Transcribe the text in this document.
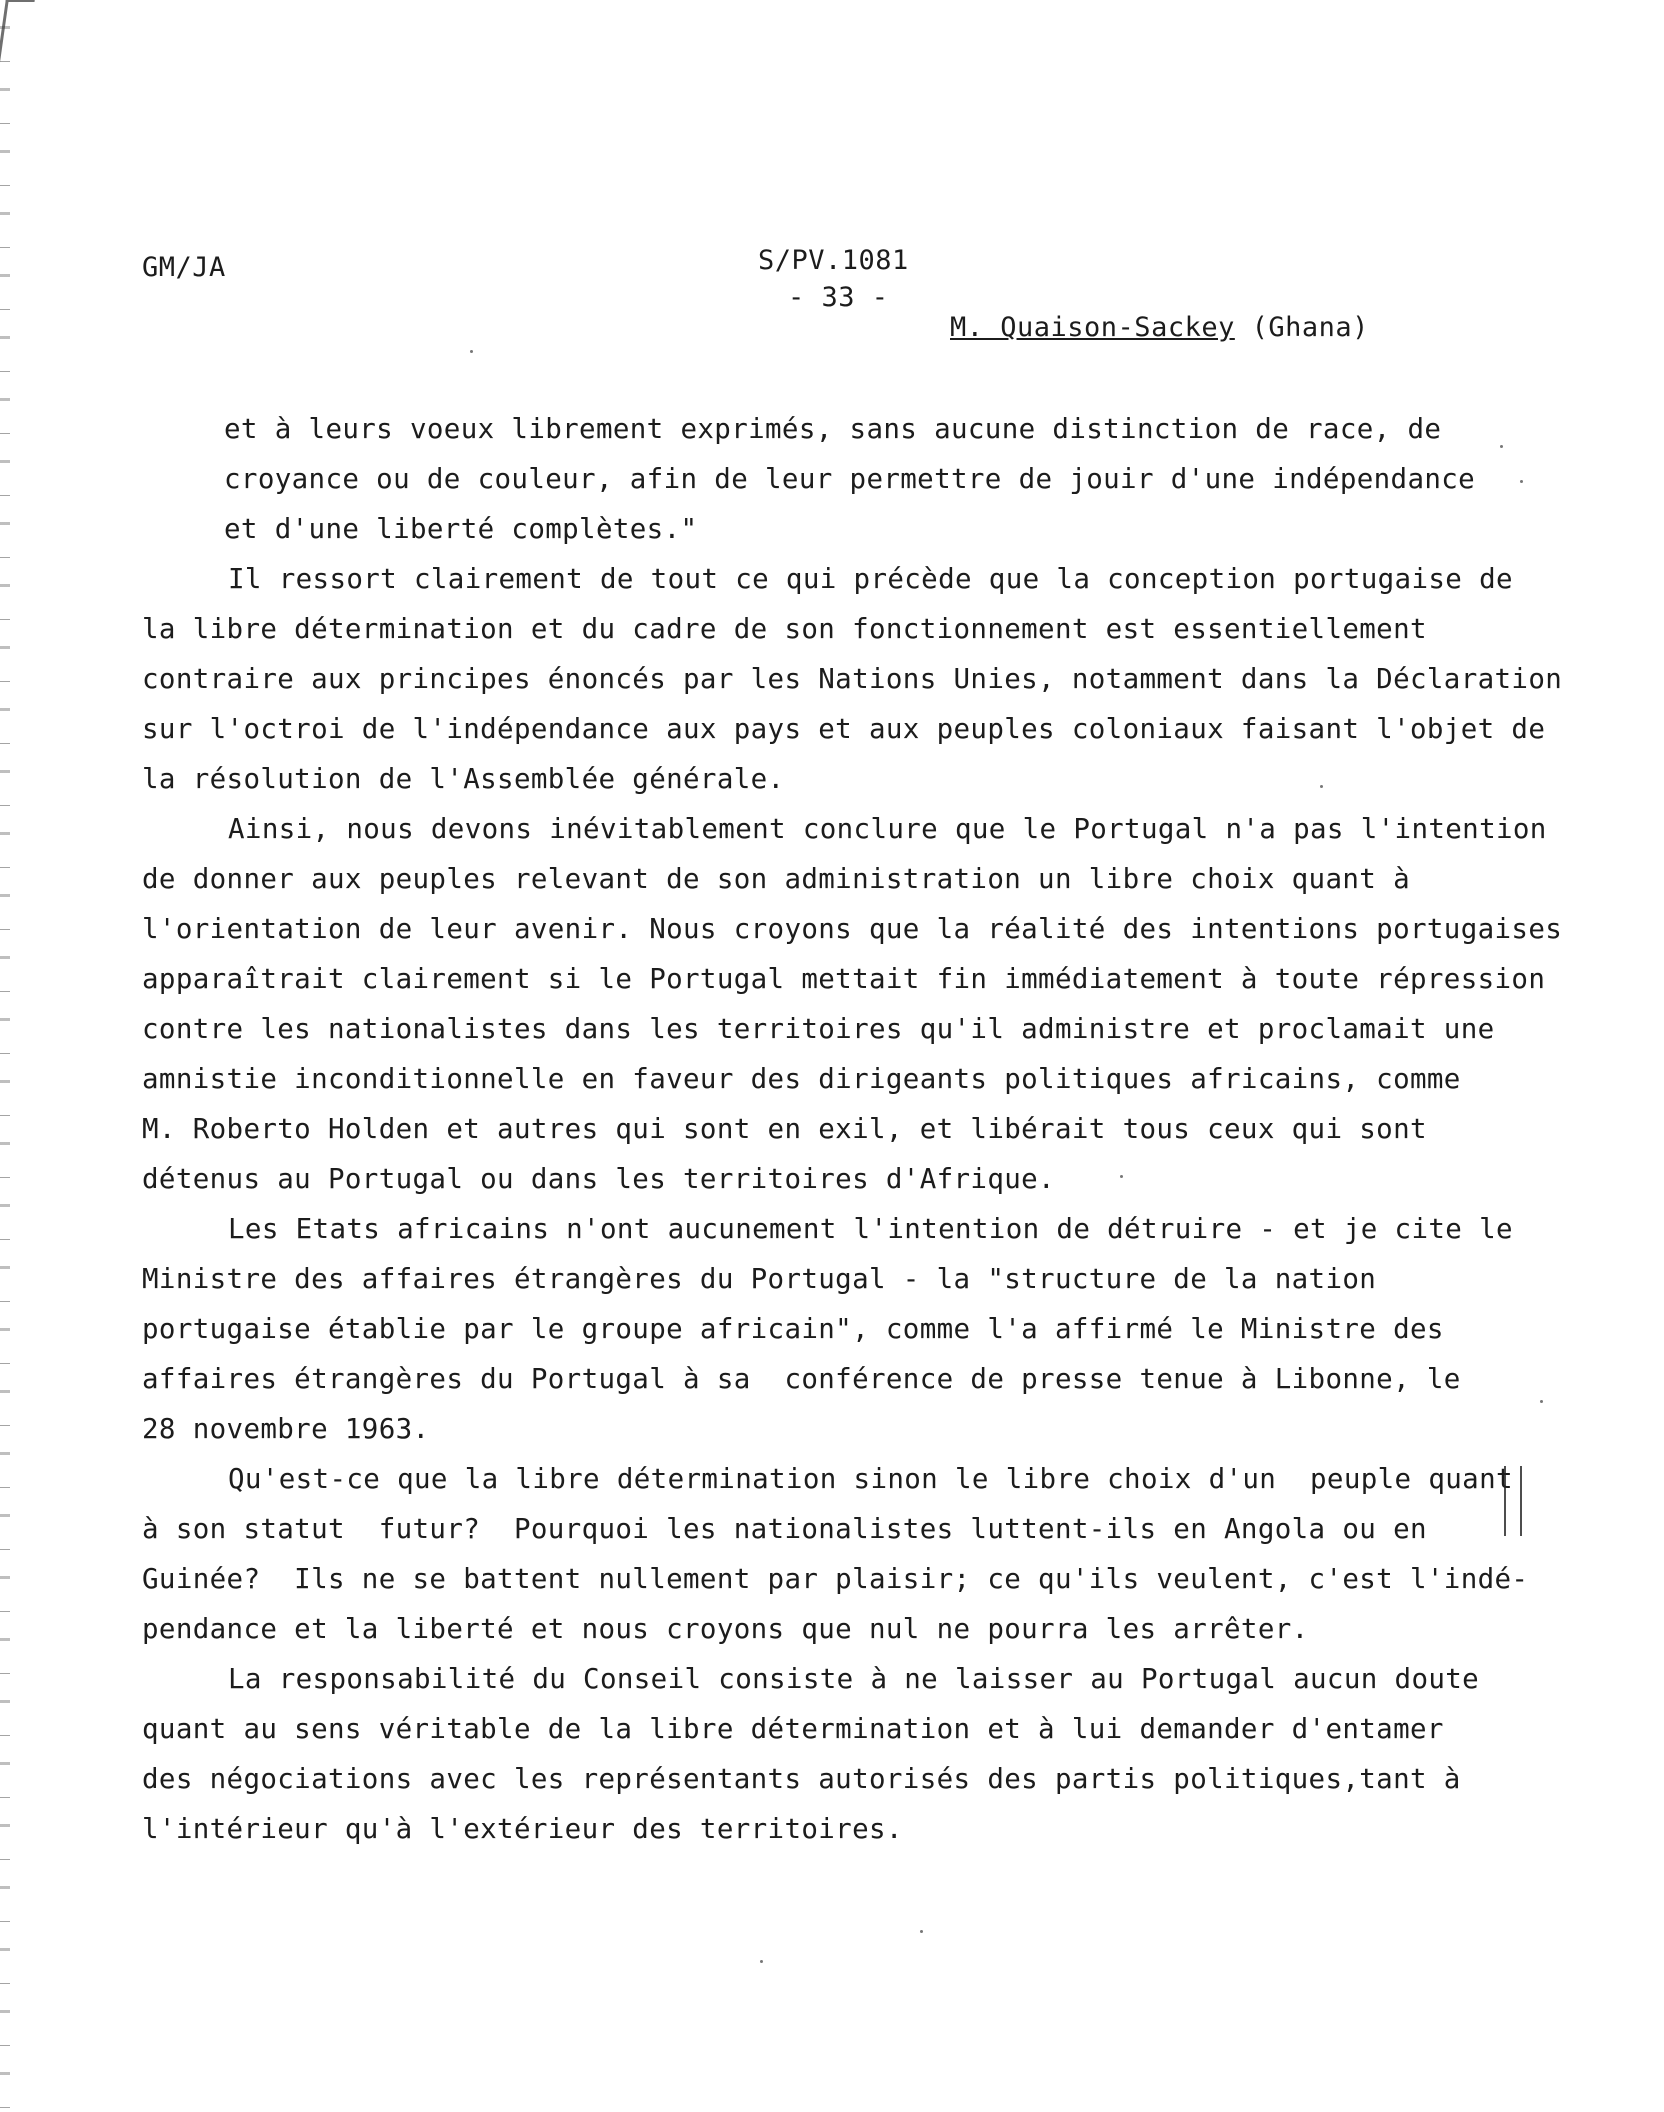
GM/JA	S/PV.1081
- 33 -
M. Quaison-Sackey (Ghana)
et à leurs voeux librement exprimés, sans aucune distinction de race, de
croyance ou de couleur, afin de leur permettre de jouir d'une indépendance
et d'une liberté complètes."
Il ressort clairement de tout ce qui précède que la conception portugaise de
la libre détermination et du cadre de son fonctionnement est essentiellement
contraire aux principes énoncés par les Nations Unies, notamment dans la Déclaration
sur l'octroi de l'indépendance aux pays et aux peuples coloniaux faisant l'objet de
la résolution de l'Assemblée générale.
Ainsi, nous devons inévitablement conclure que le Portugal n'a pas l'intention
de donner aux peuples relevant de son administration un libre choix quant à
l'orientation de leur avenir. Nous croyons que la réalité des intentions portugaises
apparaîtrait clairement si le Portugal mettait fin immédiatement à toute répression
contre les nationalistes dans les territoires qu'il administre et proclamait une
amnistie inconditionnelle en faveur des dirigeants politiques africains, comme
M. Roberto Holden et autres qui sont en exil, et libérait tous ceux qui sont
détenus au Portugal ou dans les territoires d'Afrique.
Les Etats africains n'ont aucunement l'intention de détruire - et je cite le
Ministre des affaires étrangères du Portugal - la "structure de la nation
portugaise établie par le groupe africain", comme l'a affirmé le Ministre des
affaires étrangères du Portugal à sa  conférence de presse tenue à Libonne, le
28 novembre 1963.
Qu'est-ce que la libre détermination sinon le libre choix d'un  peuple quant
à son statut  futur?  Pourquoi les nationalistes luttent-ils en Angola ou en
Guinée?  Ils ne se battent nullement par plaisir; ce qu'ils veulent, c'est l'indé-
pendance et la liberté et nous croyons que nul ne pourra les arrêter.
La responsabilité du Conseil consiste à ne laisser au Portugal aucun doute
quant au sens véritable de la libre détermination et à lui demander d'entamer
des négociations avec les représentants autorisés des partis politiques,tant à
l'intérieur qu'à l'extérieur des territoires.
